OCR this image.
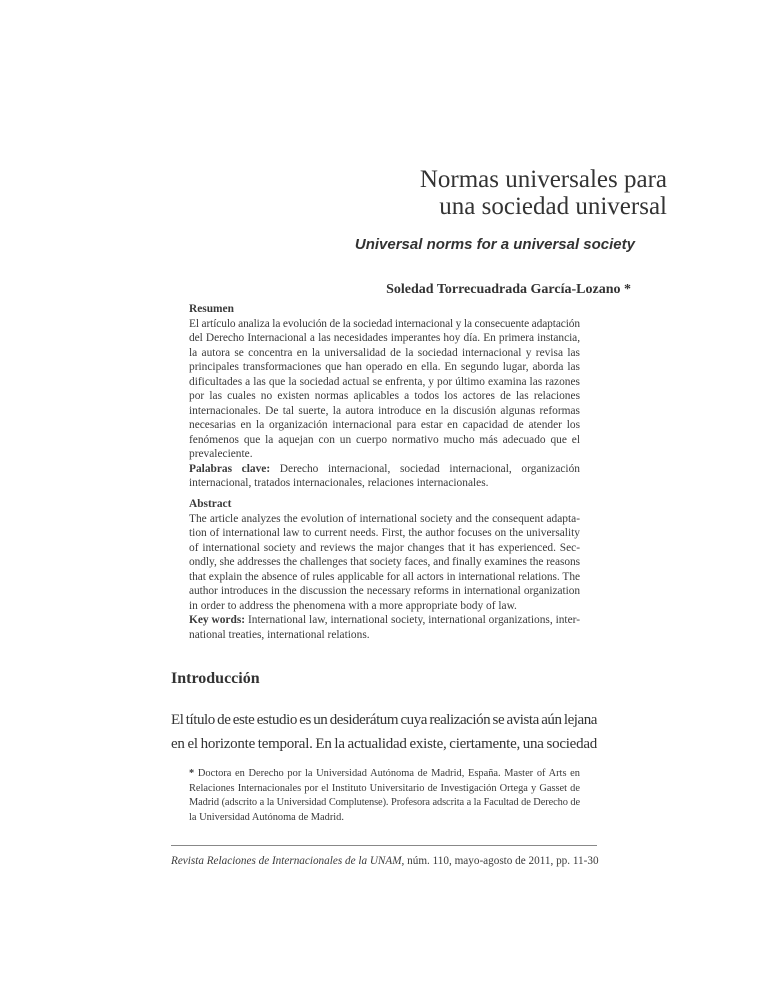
Normas universales para
una sociedad universal
Universal norms for a universal society
Soledad Torrecuadrada García-Lozano *
Resumen
El artículo analiza la evolución de la sociedad internacional y la consecuente adaptación
del Derecho Internacional a las necesidades imperantes hoy día. En primera instancia,
la autora se concentra en la universalidad de la sociedad internacional y revisa las
principales transformaciones que han operado en ella. En segundo lugar, aborda las
dificultades a las que la sociedad actual se enfrenta, y por último examina las razones
por las cuales no existen normas aplicables a todos los actores de las relaciones
internacionales. De tal suerte, la autora introduce en la discusión algunas reformas
necesarias en la organización internacional para estar en capacidad de atender los
fenómenos que la aquejan con un cuerpo normativo mucho más adecuado que el
prevaleciente.
Palabras clave: Derecho internacional, sociedad internacional, organización
internacional, tratados internacionales, relaciones internacionales.
Abstract
The article analyzes the evolution of international society and the consequent adapta-
tion of international law to current needs. First, the author focuses on the universality
of international society and reviews the major changes that it has experienced. Sec-
ondly, she addresses the challenges that society faces, and finally examines the reasons
that explain the absence of rules applicable for all actors in international relations. The
author introduces in the discussion the necessary reforms in international organization
in order to address the phenomena with a more appropriate body of law.
Key words: International law, international society, international organizations, inter-
national treaties, international relations.
Introducción
El título de este estudio es un desiderátum cuya realización se avista aún lejana
en el horizonte temporal. En la actualidad existe, ciertamente, una sociedad
* Doctora en Derecho por la Universidad Autónoma de Madrid, España. Master of Arts en
Relaciones Internacionales por el Instituto Universitario de Investigación Ortega y Gasset de
Madrid (adscrito a la Universidad Complutense). Profesora adscrita a la Facultad de Derecho de
la Universidad Autónoma de Madrid.
Revista Relaciones de Internacionales de la UNAM, núm. 110, mayo-agosto de 2011, pp. 11-30
